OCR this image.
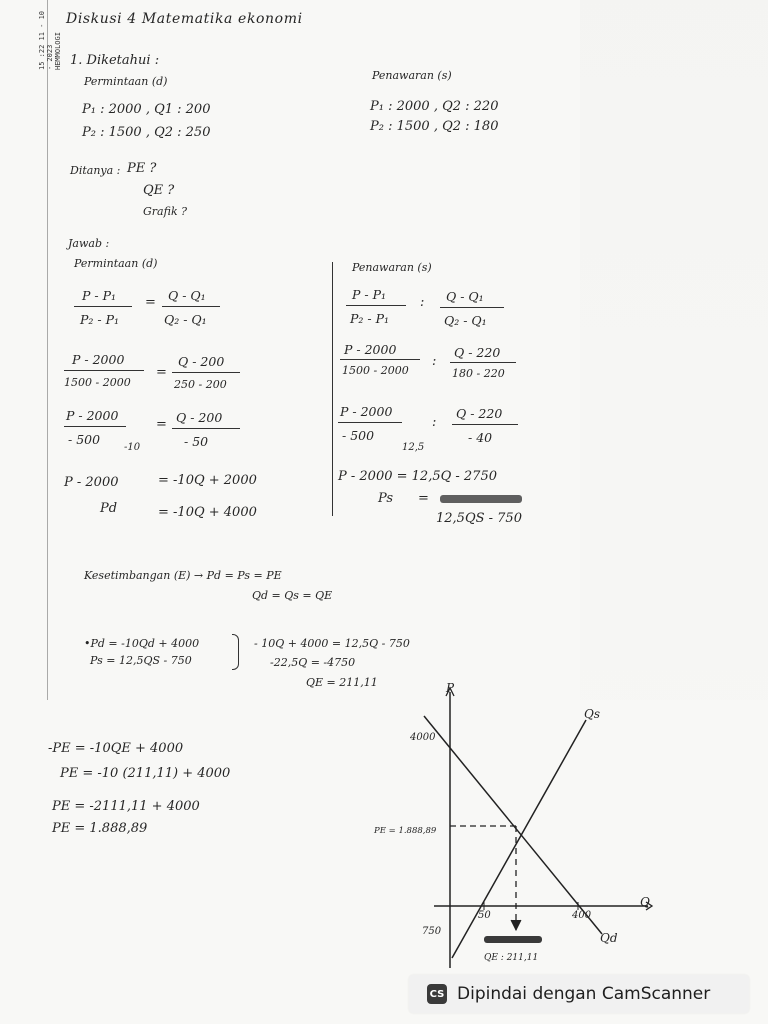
15 :22 11 - 10 - 2023 HEMMOLOGI
Diskusi 4 Matematika ekonomi
1. Diketahui :
Permintaan (d)
P₁ : 2000 , Q1 : 200
P₂ : 1500 , Q2 : 250
Penawaran (s)
P₁ : 2000 , Q2 : 220
P₂ : 1500 , Q2 : 180
Ditanya : PE ?
QE ?
Grafik ?
Jawab :
Permintaan (d)
P - P₁
P₂ - P₁
= Q - Q₁
Q₂ - Q₁
P - 2000
1500 - 2000
=
Q - 200
250 - 200
P - 2000
- 500
-10
= Q - 200
- 50
P - 2000	= -10Q + 2000
Pd	= -10Q + 4000
Penawaran (s)
P - P₁
P₂ - P₁
: Q - Q₁
Q₂ - Q₁
P - 2000
1500 - 2000
:
Q - 220
180 - 220
P - 2000
- 500
12,5
:
Q - 220
- 40
P - 2000 = 12,5Q - 2750
Ps =
12,5QS - 750
Kesetimbangan (E) → Pd = Ps = PE
Qd = Qs = QE
•Pd = -10Qd + 4000
Ps = 12,5QS - 750
- 10Q + 4000 = 12,5Q - 750
-22,5Q = -4750
QE = 211,11
-PE = -10QE + 4000
PE = -10 (211,11) + 4000
PE = -2111,11 + 4000
PE = 1.888,89
P
Q
4000
750
PE = 1.888,89
50	400
Qs
Qd
QE : 211,11
CS Dipindai dengan CamScanner
